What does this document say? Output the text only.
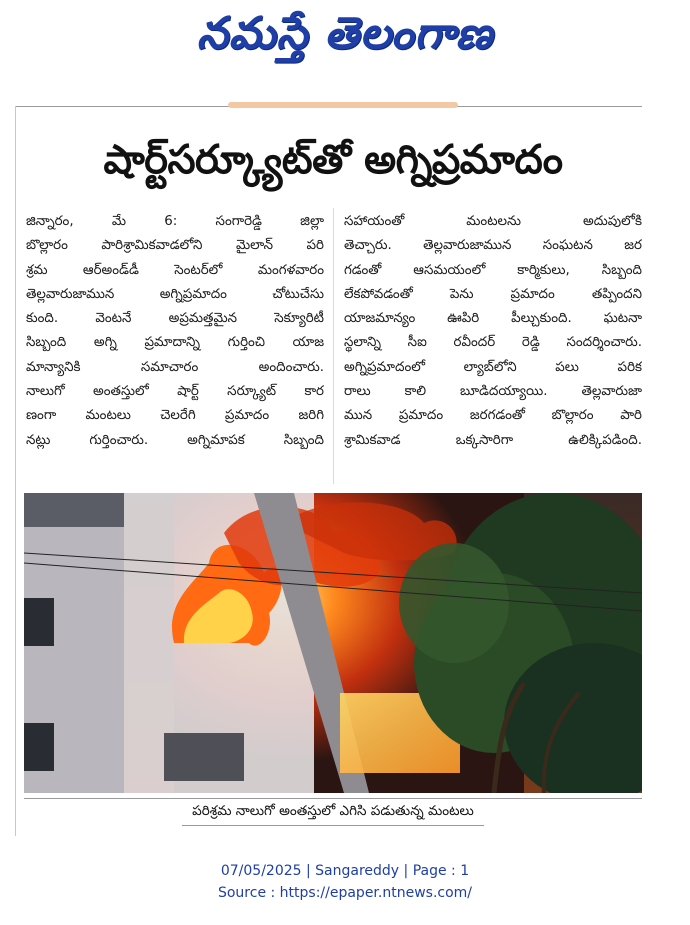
నమస్తే తెలంగాణ
షార్ట్‌సర్క్యూట్‌తో అగ్నిప్రమాదం
జిన్నారం, మే 6: సంగారెడ్డి జిల్లా
బొల్లారం పారిశ్రామికవాడలోని మైలాన్ పరి
శ్రమ ఆర్‌అండ్‌డీ సెంటర్‌లో మంగళవారం
తెల్లవారుజామున అగ్నిప్రమాదం చోటుచేసు
కుంది. వెంటనే అప్రమత్తమైన సెక్యూరిటీ
సిబ్బంది అగ్ని ప్రమాదాన్ని గుర్తించి యాజ
మాన్యానికి సమాచారం అందించారు.
నాలుగో అంతస్తులో షార్ట్ సర్క్యూట్ కార
ణంగా మంటలు చెలరేగి ప్రమాదం జరిగి
నట్లు గుర్తించారు. అగ్నిమాపక సిబ్బంది
సహాయంతో మంటలను అదుపులోకి
తెచ్చారు. తెల్లవారుజామున సంఘటన జర
గడంతో ఆసమయంలో కార్మికులు, సిబ్బంది
లేకపోవడంతో పెను ప్రమాదం తప్పిందని
యాజమాన్యం ఊపిరి పీల్చుకుంది. ఘటనా
స్థలాన్ని సీఐ రవీందర్ రెడ్డి సందర్శించారు.
అగ్నిప్రమాదంలో ల్యాబ్‌లోని పలు పరిక
రాలు కాలి బూడిదయ్యాయి. తెల్లవారుజా
మున ప్రమాదం జరగడంతో బొల్లారం పారి
శ్రామికవాడ ఒక్కసారిగా ఉలిక్కిపడింది.
పరిశ్రమ నాలుగో అంతస్తులో ఎగిసి పడుతున్న మంటలు
07/05/2025 | Sangareddy | Page : 1
Source : https://epaper.ntnews.com/
